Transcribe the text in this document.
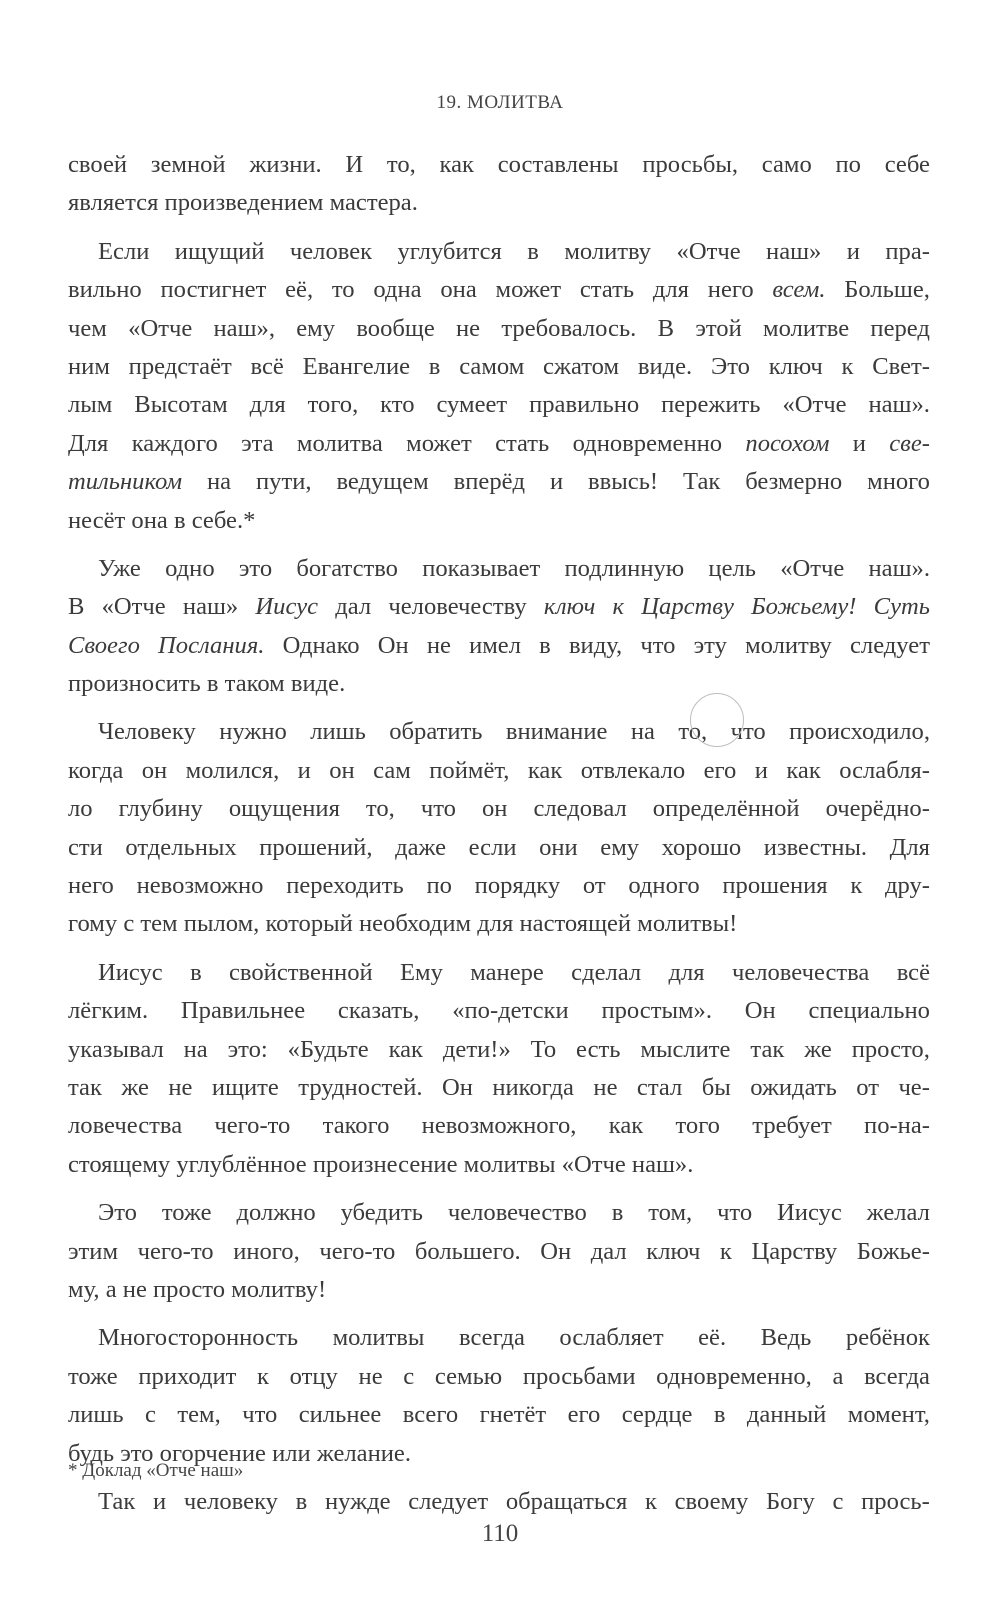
19. МОЛИТВА
своей земной жизни. И то, как составлены просьбы, само по себе
является произведением мастера.
Если ищущий человек углубится в молитву «Отче наш» и пра-
вильно постигнет её, то одна она может стать для него всем. Больше,
чем «Отче наш», ему вообще не требовалось. В этой молитве перед
ним предстаёт всё Евангелие в самом сжатом виде. Это ключ к Свет-
лым Высотам для того, кто сумеет правильно пережить «Отче наш».
Для каждого эта молитва может стать одновременно посохом и све-
тильником на пути, ведущем вперёд и ввысь! Так безмерно много
несёт она в себе.*
Уже одно это богатство показывает подлинную цель «Отче наш».
В «Отче наш» Иисус дал человечеству ключ к Царству Божьему! Суть
Своего Послания. Однако Он не имел в виду, что эту молитву следует
произносить в таком виде.
Человеку нужно лишь обратить внимание на то, что происходило,
когда он молился, и он сам поймёт, как отвлекало его и как ослабля-
ло глубину ощущения то, что он следовал определённой очерёдно-
сти отдельных прошений, даже если они ему хорошо известны. Для
него невозможно переходить по порядку от одного прошения к дру-
гому с тем пылом, который необходим для настоящей молитвы!
Иисус в свойственной Ему манере сделал для человечества всё
лёгким. Правильнее сказать, «по-детски простым». Он специально
указывал на это: «Будьте как дети!» То есть мыслите так же просто,
так же не ищите трудностей. Он никогда не стал бы ожидать от че-
ловечества чего-то такого невозможного, как того требует по-на-
стоящему углублённое произнесение молитвы «Отче наш».
Это тоже должно убедить человечество в том, что Иисус желал
этим чего-то иного, чего-то большего. Он дал ключ к Царству Божье-
му, а не просто молитву!
Многосторонность молитвы всегда ослабляет её. Ведь ребёнок
тоже приходит к отцу не с семью просьбами одновременно, а всегда
лишь с тем, что сильнее всего гнетёт его сердце в данный момент,
будь это огорчение или желание.
Так и человеку в нужде следует обращаться к своему Богу с прось-
* Доклад «Отче наш»
110
